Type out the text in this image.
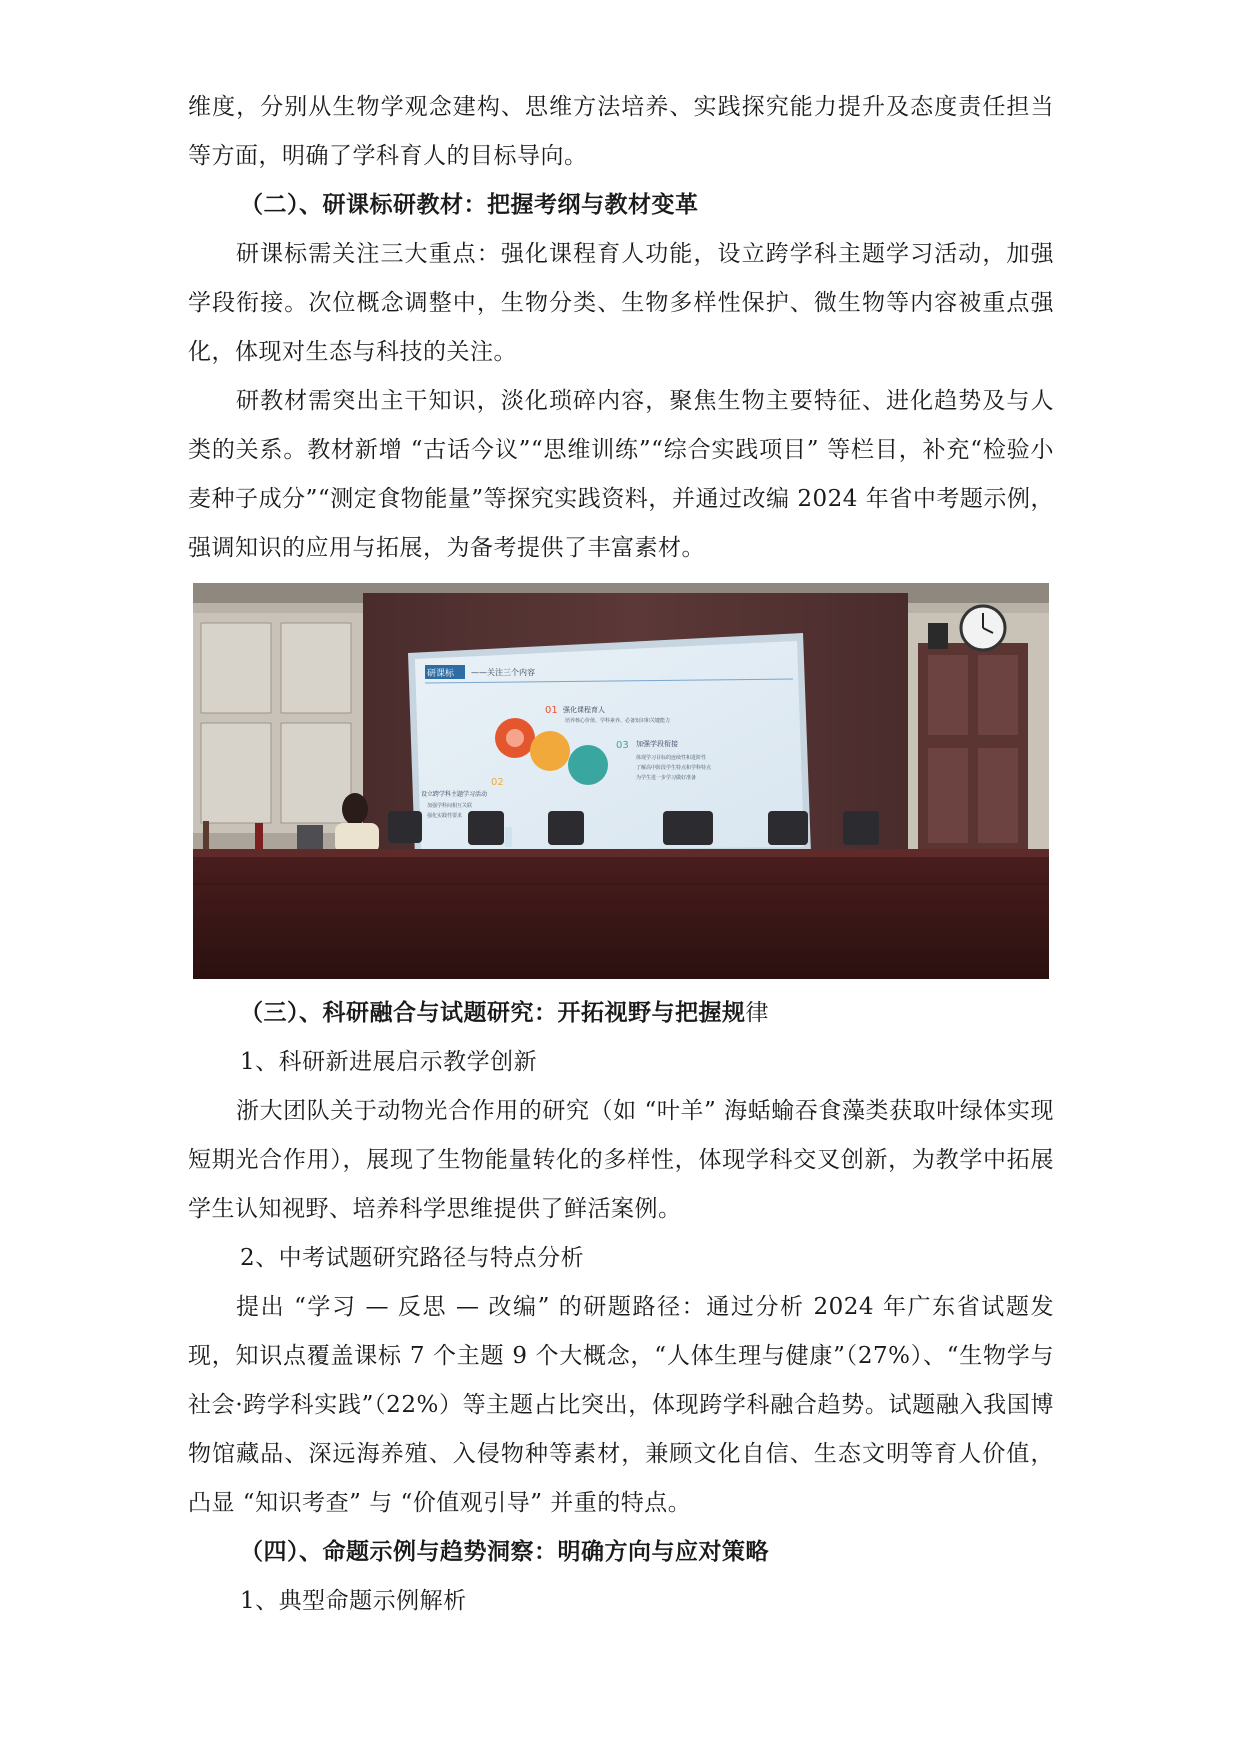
维度，分别从生物学观念建构、思维方法培养、实践探究能力提升及态度责任担当等方面，明确了学科育人的目标导向。

（二）、研课标研教材：把握考纲与教材变革

研课标需关注三大重点：强化课程育人功能，设立跨学科主题学习活动，加强学段衔接。次位概念调整中，生物分类、生物多样性保护、微生物等内容被重点强化，体现对生态与科技的关注。

研教材需突出主干知识，淡化琐碎内容，聚焦生物主要特征、进化趋势及与人类的关系。教材新增 “古话今议”“思维训练”“综合实践项目” 等栏目，补充“检验小麦种子成分”“测定食物能量”等探究实践资料，并通过改编 2024 年省中考题示例，强调知识的应用与拓展，为备考提供了丰富素材。

研课标 ——关注三个内容
01 强化课程育人
培养核心价值、学科素养、必备知识和关键能力
02
设立跨学科主题学习活动
加强学科间相互关联
强化实践性要求
03 加强学段衔接
体现学习目标的连续性和进阶性
了解高中阶段学生特点和学科特点
为学生进一步学习做好准备

（三）、科研融合与试题研究：开拓视野与把握规律

1、科研新进展启示教学创新

浙大团队关于动物光合作用的研究（如 “叶羊” 海蛞蝓吞食藻类获取叶绿体实现短期光合作用），展现了生物能量转化的多样性，体现学科交叉创新，为教学中拓展学生认知视野、培养科学思维提供了鲜活案例。

2、中考试题研究路径与特点分析

提出 “学习 — 反思 — 改编” 的研题路径：通过分析 2024 年广东省试题发现，知识点覆盖课标 7 个主题 9 个大概念，“人体生理与健康”（27%）、“生物学与社会·跨学科实践”（22%）等主题占比突出，体现跨学科融合趋势。试题融入我国博物馆藏品、深远海养殖、入侵物种等素材，兼顾文化自信、生态文明等育人价值，凸显 “知识考查” 与 “价值观引导” 并重的特点。

（四）、命题示例与趋势洞察：明确方向与应对策略

1、典型命题示例解析
